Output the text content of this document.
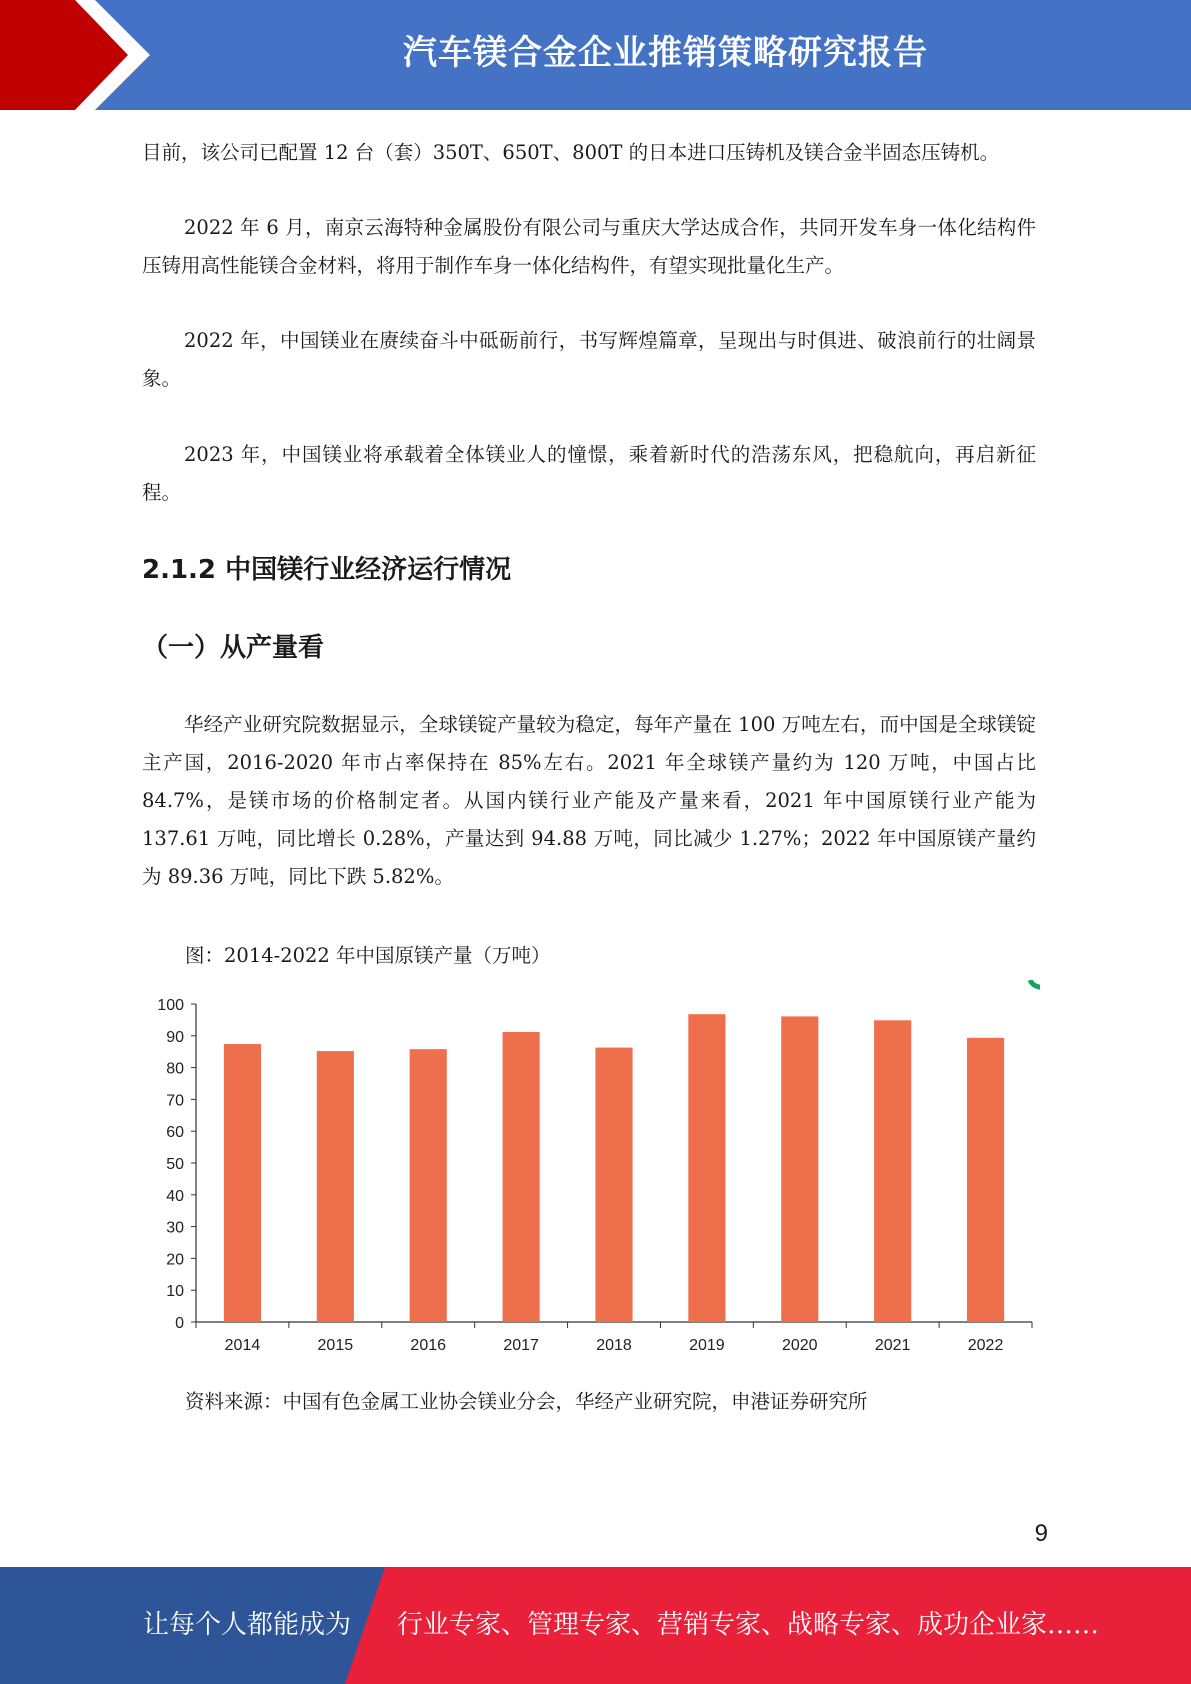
汽车镁合金企业推销策略研究报告

目前，该公司已配置 12 台（套）350T、650T、800T 的日本进口压铸机及镁合金半固态压铸机。

2022 年 6 月，南京云海特种金属股份有限公司与重庆大学达成合作，共同开发车身一体化结构件压铸用高性能镁合金材料，将用于制作车身一体化结构件，有望实现批量化生产。

2022 年，中国镁业在赓续奋斗中砥砺前行，书写辉煌篇章，呈现出与时俱进、破浪前行的壮阔景象。

2023 年，中国镁业将承载着全体镁业人的憧憬，乘着新时代的浩荡东风，把稳航向，再启新征程。

2.1.2 中国镁行业经济运行情况
（一）从产量看

华经产业研究院数据显示，全球镁锭产量较为稳定，每年产量在 100 万吨左右，而中国是全球镁锭主产国，2016-2020 年市占率保持在 85%左右。2021 年全球镁产量约为 120 万吨，中国占比 84.7%，是镁市场的价格制定者。从国内镁行业产能及产量来看，2021 年中国原镁行业产能为 137.61 万吨，同比增长 0.28%，产量达到 94.88 万吨，同比减少 1.27%；2022 年中国原镁产量约为 89.36 万吨，同比下跌 5.82%。

图：2014-2022 年中国原镁产量（万吨）
0
10
20
30
40
50
60
70
80
90
100
2014	2015	2016	2017	2018	2019	2020	2021	2022
资料来源：中国有色金属工业协会镁业分会，华经产业研究院，申港证券研究所
9
让每个人都能成为 行业专家、管理专家、营销专家、战略专家、成功企业家……
